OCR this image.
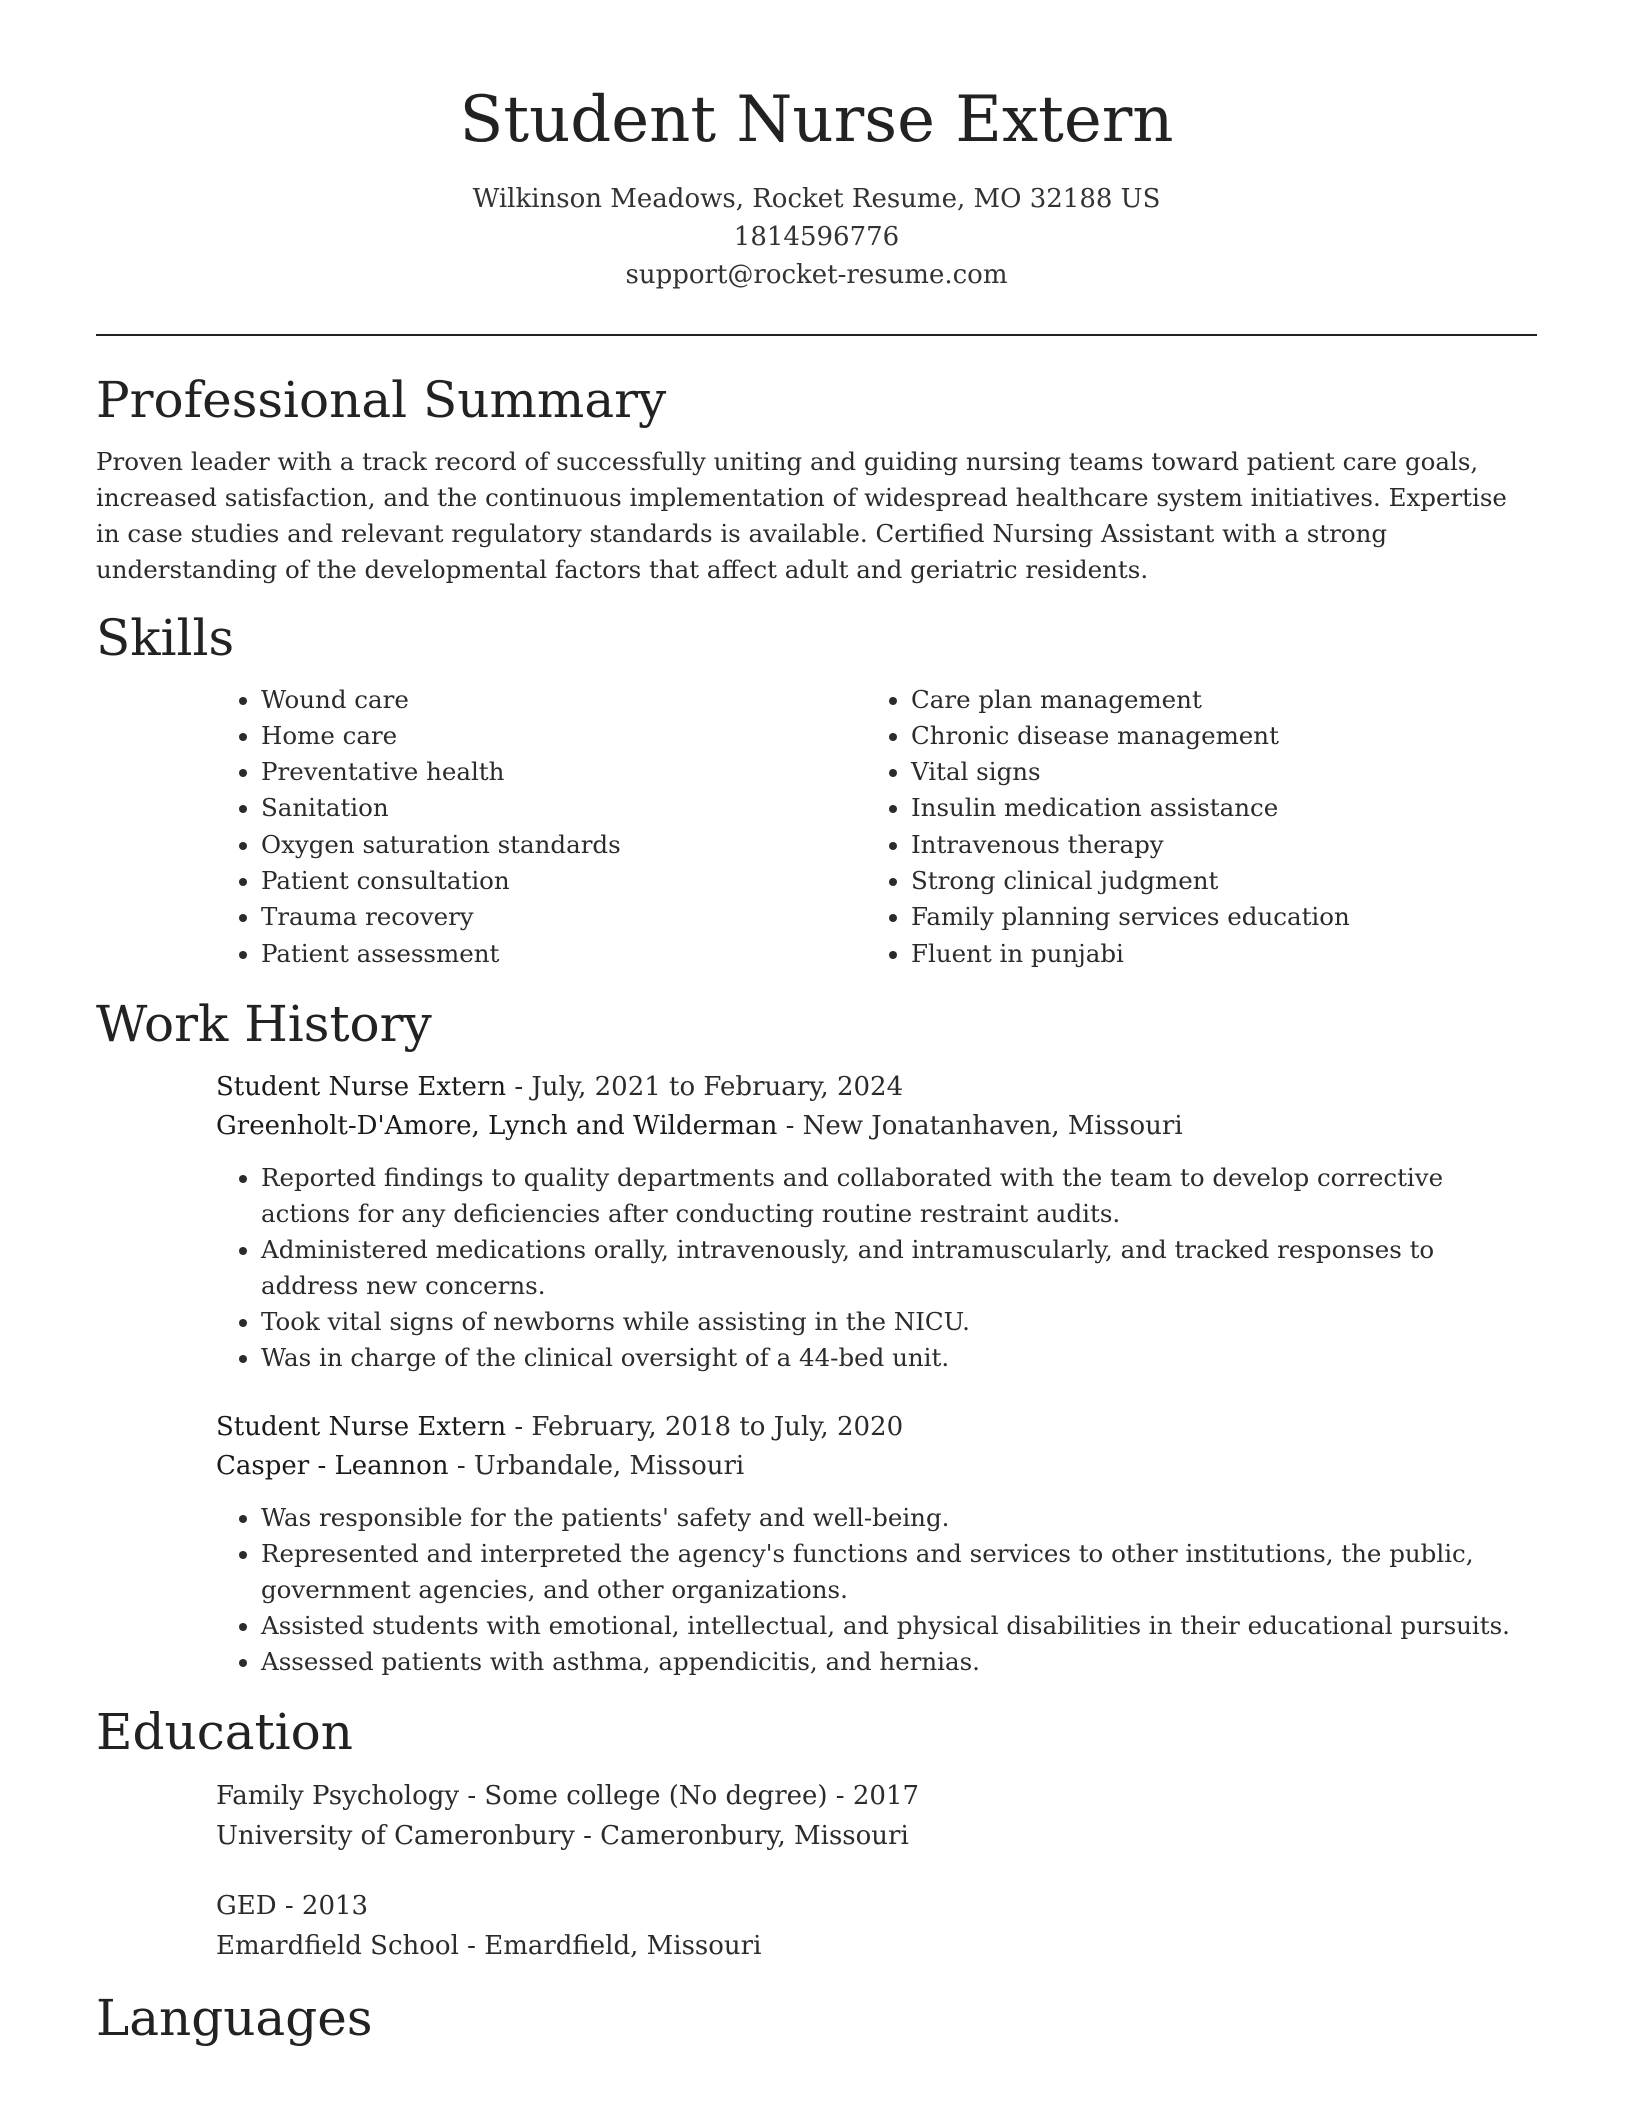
Student Nurse Extern
Wilkinson Meadows, Rocket Resume, MO 32188 US
1814596776
support@rocket-resume.com
Professional Summary

Proven leader with a track record of successfully uniting and guiding nursing teams toward patient care goals, increased satisfaction, and the continuous implementation of widespread healthcare system initiatives. Expertise in case studies and relevant regulatory standards is available. Certified Nursing Assistant with a strong understanding of the developmental factors that affect adult and geriatric residents.

Skills
• Wound care
• Home care
• Preventative health
• Sanitation
• Oxygen saturation standards
• Patient consultation
• Trauma recovery
• Patient assessment
• Care plan management
• Chronic disease management
• Vital signs
• Insulin medication assistance
• Intravenous therapy
• Strong clinical judgment
• Family planning services education
• Fluent in punjabi
Work History

Student Nurse Extern - July, 2021 to February, 2024

Greenholt-D'Amore, Lynch and Wilderman - New Jonatanhaven, Missouri

• Reported findings to quality departments and collaborated with the team to develop corrective actions for any deficiencies after conducting routine restraint audits.
• Administered medications orally, intravenously, and intramuscularly, and tracked responses to address new concerns.
• Took vital signs of newborns while assisting in the NICU.
• Was in charge of the clinical oversight of a 44-bed unit.

Student Nurse Extern - February, 2018 to July, 2020

Casper - Leannon - Urbandale, Missouri

• Was responsible for the patients' safety and well-being.
• Represented and interpreted the agency's functions and services to other institutions, the public, government agencies, and other organizations.
• Assisted students with emotional, intellectual, and physical disabilities in their educational pursuits.
• Assessed patients with asthma, appendicitis, and hernias.
Education

Family Psychology - Some college (No degree) - 2017

University of Cameronbury - Cameronbury, Missouri

GED - 2013

Emardfield School - Emardfield, Missouri

Languages
